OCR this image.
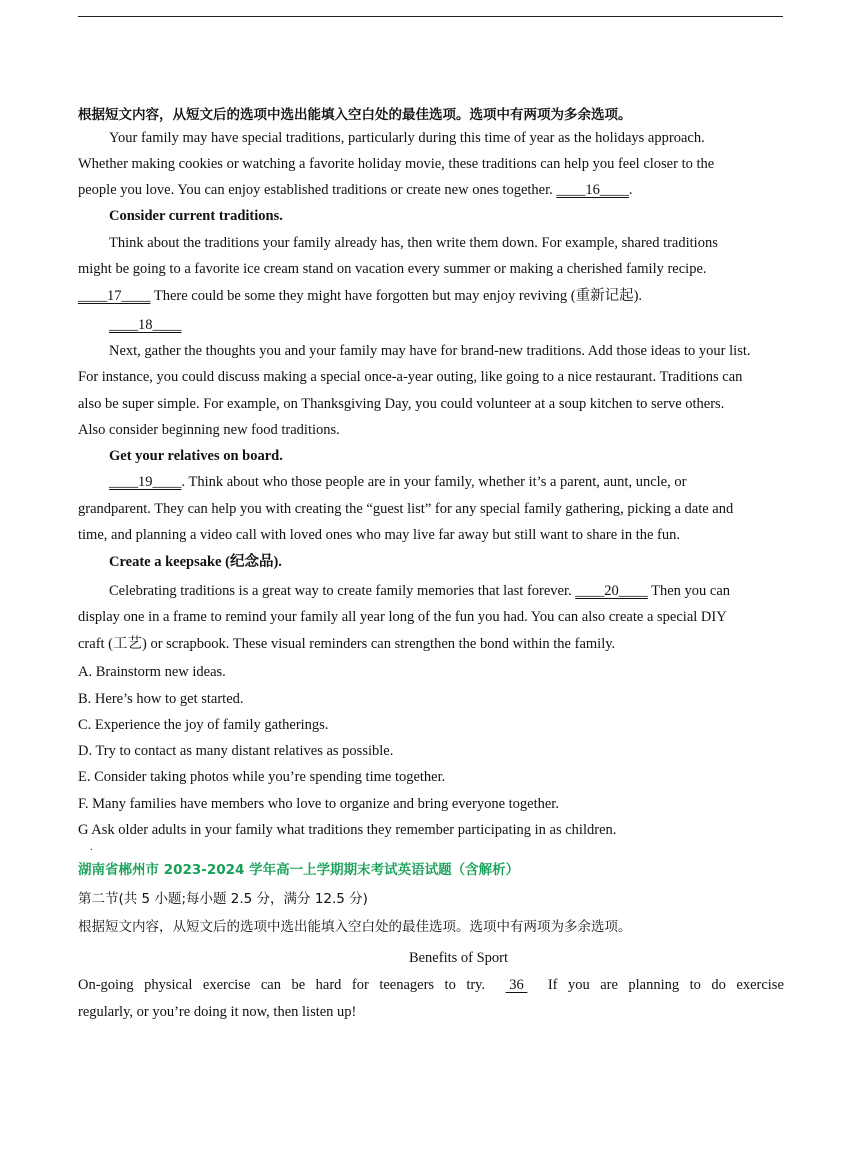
根据短文内容，从短文后的选项中选出能填入空白处的最佳选项。选项中有两项为多余选项。
Your family may have special traditions, particularly during this time of year as the holidays approach.
Whether making cookies or watching a favorite holiday movie, these traditions can help you feel closer to the
people you love. You can enjoy established traditions or create new ones together. ____16____.
Consider current traditions.
Think about the traditions your family already has, then write them down. For example, shared traditions
might be going to a favorite ice cream stand on vacation every summer or making a cherished family recipe.
____17____ There could be some they might have forgotten but may enjoy reviving (重新记起).
____18____
Next, gather the thoughts you and your family may have for brand-new traditions. Add those ideas to your list.
For instance, you could discuss making a special once-a-year outing, like going to a nice restaurant. Traditions can
also be super simple. For example, on Thanksgiving Day, you could volunteer at a soup kitchen to serve others.
Also consider beginning new food traditions.
Get your relatives on board.
____19____. Think about who those people are in your family, whether it’s a parent, aunt, uncle, or
grandparent. They can help you with creating the “guest list” for any special family gathering, picking a date and
time, and planning a video call with loved ones who may live far away but still want to share in the fun.
Create a keepsake (纪念品).
Celebrating traditions is a great way to create family memories that last forever. ____20____ Then you can
display one in a frame to remind your family all year long of the fun you had. You can also create a special DIY
craft (工艺) or scrapbook. These visual reminders can strengthen the bond within the family.
A. Brainstorm new ideas.
B. Here’s how to get started.
C. Experience the joy of family gatherings.
D. Try to contact as many distant relatives as possible.
E. Consider taking photos while you’re spending time together.
F. Many families have members who love to organize and bring everyone together.
G Ask older adults in your family what traditions they remember participating in as children.
.
湖南省郴州市 2023-2024 学年高一上学期期末考试英语试题（含解析）
第二节(共 5 小题;每小题 2.5 分，满分 12.5 分)
根据短文内容，从短文后的选项中选出能填入空白处的最佳选项。选项中有两项为多余选项。
Benefits of Sport
On-going physical exercise can be hard for teenagers to try.	36	If you are planning to do exercise
regularly, or you’re doing it now, then listen up!
